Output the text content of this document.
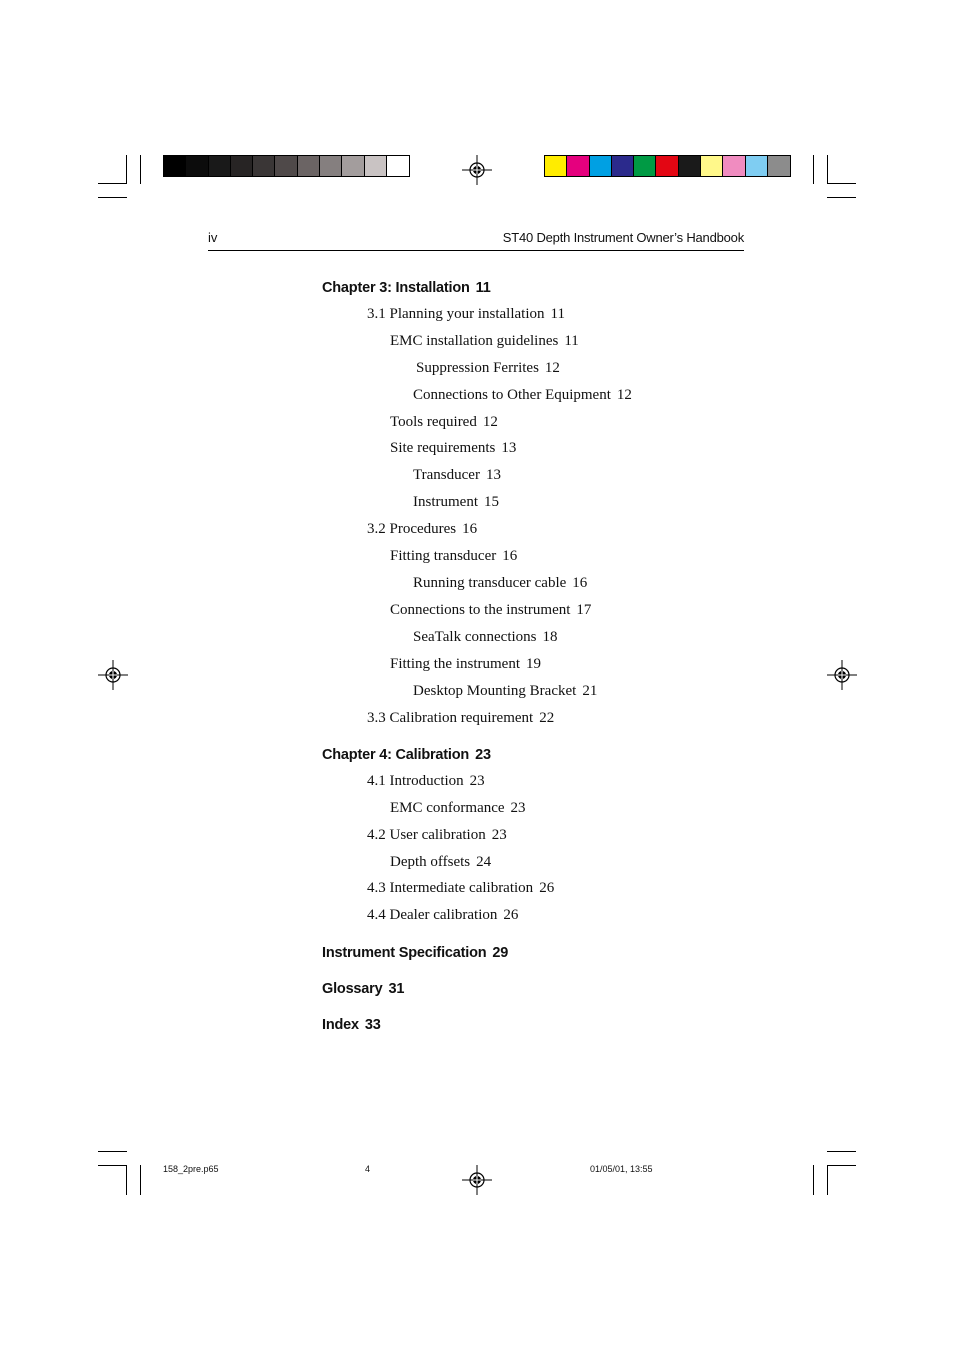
iv	ST40 Depth Instrument Owner’s Handbook
Chapter 3: Installation 11
3.1 Planning your installation 11
EMC installation guidelines 11
Suppression Ferrites 12
Connections to Other Equipment 12
Tools required 12
Site requirements 13
Transducer 13
Instrument 15
3.2 Procedures 16
Fitting transducer 16
Running transducer cable 16
Connections to the instrument 17
SeaTalk connections 18
Fitting the instrument 19
Desktop Mounting Bracket 21
3.3 Calibration requirement 22
Chapter 4: Calibration 23
4.1 Introduction 23
EMC conformance 23
4.2 User calibration 23
Depth offsets 24
4.3 Intermediate calibration 26
4.4 Dealer calibration 26
Instrument Specification 29
Glossary 31
Index 33
158_2pre.p65	4	01/05/01, 13:55
